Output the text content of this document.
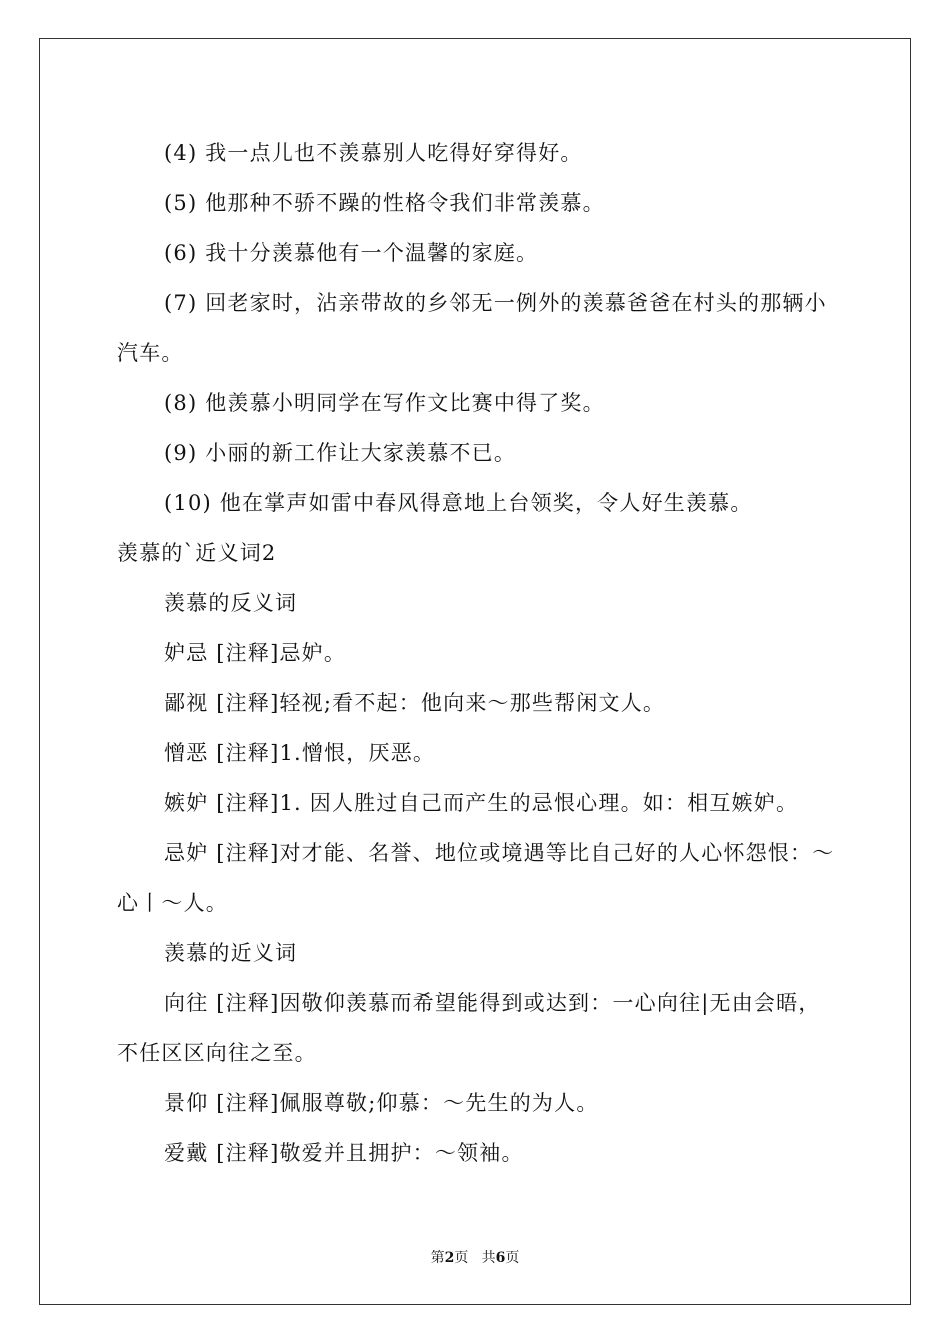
(4) 我一点儿也不羡慕别人吃得好穿得好。

(5) 他那种不骄不躁的性格令我们非常羡慕。

(6) 我十分羡慕他有一个温馨的家庭。

(7) 回老家时，沾亲带故的乡邻无一例外的羡慕爸爸在村头的那辆小汽车。

(8) 他羡慕小明同学在写作文比赛中得了奖。

(9) 小丽的新工作让大家羡慕不已。

(10) 他在掌声如雷中春风得意地上台领奖，令人好生羡慕。

羡慕的`近义词2

羡慕的反义词

妒忌 [注释]忌妒。

鄙视 [注释]轻视;看不起：他向来～那些帮闲文人。

憎恶 [注释]1.憎恨，厌恶。

嫉妒 [注释]1. 因人胜过自己而产生的忌恨心理。如：相互嫉妒。

忌妒 [注释]对才能、名誉、地位或境遇等比自己好的人心怀怨恨：～心丨～人。

羡慕的近义词

向往 [注释]因敬仰羡慕而希望能得到或达到：一心向往|无由会晤，不任区区向往之至。

景仰 [注释]佩服尊敬;仰慕：～先生的为人。

爱戴 [注释]敬爱并且拥护：～领袖。

第2页 共6页
